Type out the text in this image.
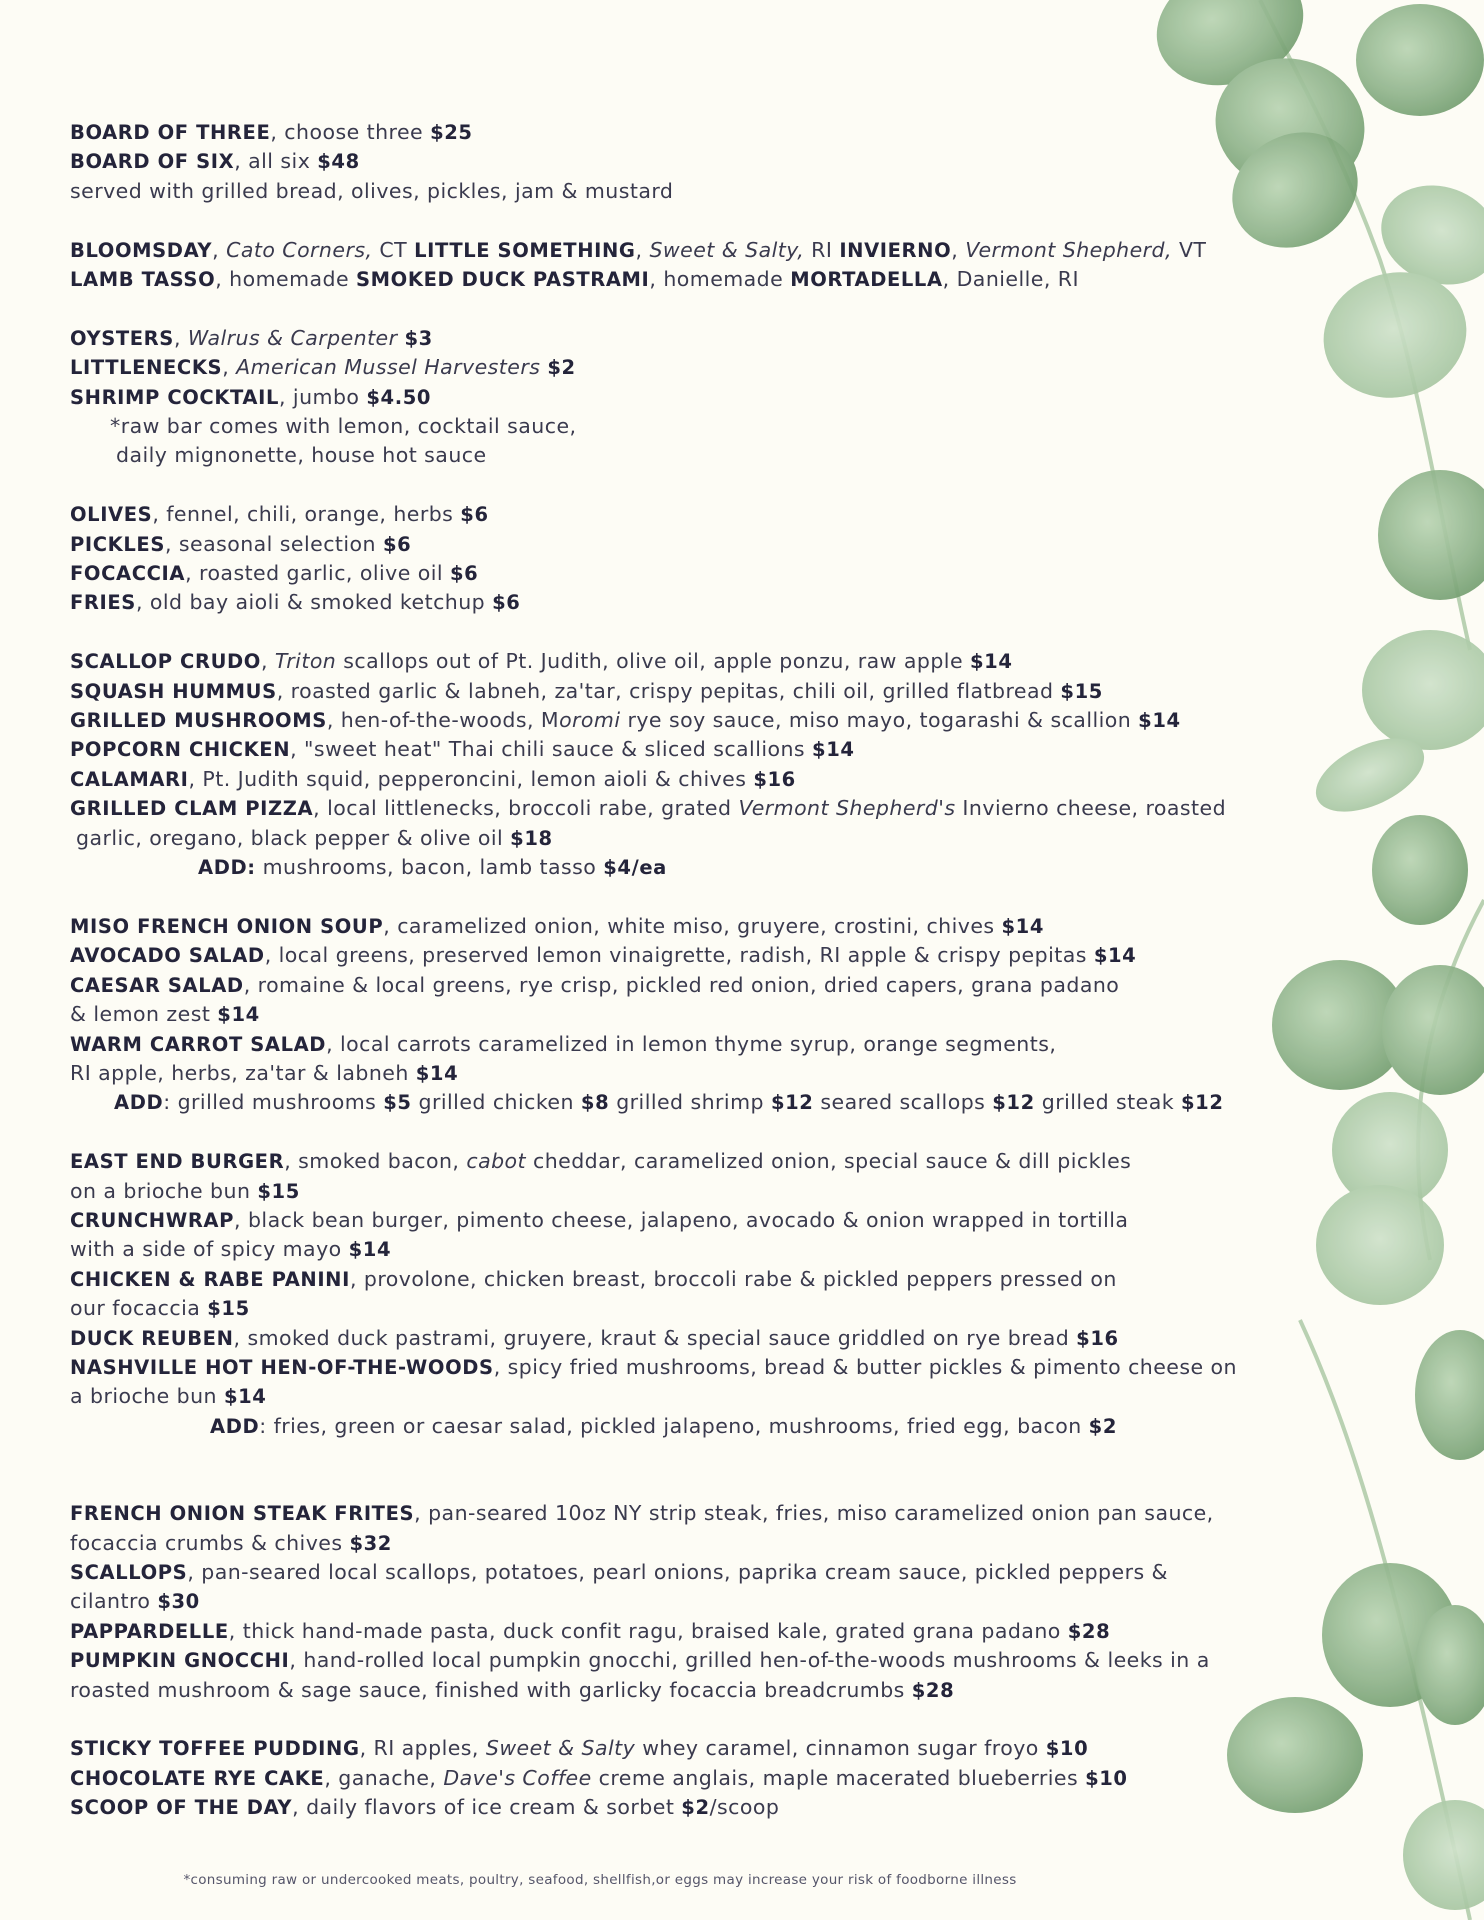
BOARD OF THREE, choose three $25
BOARD OF SIX, all six $48
served with grilled bread, olives, pickles, jam & mustard
BLOOMSDAY, Cato Corners, CT LITTLE SOMETHING, Sweet & Salty, RI INVIERNO, Vermont Shepherd, VT
LAMB TASSO, homemade SMOKED DUCK PASTRAMI, homemade MORTADELLA, Danielle, RI
OYSTERS, Walrus & Carpenter $3
LITTLENECKS, American Mussel Harvesters $2
SHRIMP COCKTAIL, jumbo $4.50
*raw bar comes with lemon, cocktail sauce,
daily mignonette, house hot sauce
OLIVES, fennel, chili, orange, herbs $6
PICKLES, seasonal selection $6
FOCACCIA, roasted garlic, olive oil $6
FRIES, old bay aioli & smoked ketchup $6
SCALLOP CRUDO, Triton scallops out of Pt. Judith, olive oil, apple ponzu, raw apple $14
SQUASH HUMMUS, roasted garlic & labneh, za'tar, crispy pepitas, chili oil, grilled flatbread $15
GRILLED MUSHROOMS, hen-of-the-woods, Moromi rye soy sauce, miso mayo, togarashi & scallion $14
POPCORN CHICKEN, "sweet heat" Thai chili sauce & sliced scallions $14
CALAMARI, Pt. Judith squid, pepperoncini, lemon aioli & chives $16
GRILLED CLAM PIZZA, local littlenecks, broccoli rabe, grated Vermont Shepherd's Invierno cheese, roasted
garlic, oregano, black pepper & olive oil $18
ADD: mushrooms, bacon, lamb tasso $4/ea
MISO FRENCH ONION SOUP, caramelized onion, white miso, gruyere, crostini, chives $14
AVOCADO SALAD, local greens, preserved lemon vinaigrette, radish, RI apple & crispy pepitas $14
CAESAR SALAD, romaine & local greens, rye crisp, pickled red onion, dried capers, grana padano
& lemon zest $14
WARM CARROT SALAD, local carrots caramelized in lemon thyme syrup, orange segments,
RI apple, herbs, za'tar & labneh $14
ADD: grilled mushrooms $5 grilled chicken $8 grilled shrimp $12 seared scallops $12 grilled steak $12
EAST END BURGER, smoked bacon, cabot cheddar, caramelized onion, special sauce & dill pickles
on a brioche bun $15
CRUNCHWRAP, black bean burger, pimento cheese, jalapeno, avocado & onion wrapped in tortilla
with a side of spicy mayo $14
CHICKEN & RABE PANINI, provolone, chicken breast, broccoli rabe & pickled peppers pressed on
our focaccia $15
DUCK REUBEN, smoked duck pastrami, gruyere, kraut & special sauce griddled on rye bread $16
NASHVILLE HOT HEN-OF-THE-WOODS, spicy fried mushrooms, bread & butter pickles & pimento cheese on
a brioche bun $14
ADD: fries, green or caesar salad, pickled jalapeno, mushrooms, fried egg, bacon $2
FRENCH ONION STEAK FRITES, pan-seared 10oz NY strip steak, fries, miso caramelized onion pan sauce,
focaccia crumbs & chives $32
SCALLOPS, pan-seared local scallops, potatoes, pearl onions, paprika cream sauce, pickled peppers &
cilantro $30
PAPPARDELLE, thick hand-made pasta, duck confit ragu, braised kale, grated grana padano $28
PUMPKIN GNOCCHI, hand-rolled local pumpkin gnocchi, grilled hen-of-the-woods mushrooms & leeks in a
roasted mushroom & sage sauce, finished with garlicky focaccia breadcrumbs $28
STICKY TOFFEE PUDDING, RI apples, Sweet & Salty whey caramel, cinnamon sugar froyo $10
CHOCOLATE RYE CAKE, ganache, Dave's Coffee creme anglais, maple macerated blueberries $10
SCOOP OF THE DAY, daily flavors of ice cream & sorbet $2/scoop
*consuming raw or undercooked meats, poultry, seafood, shellfish,or eggs may increase your risk of foodborne illness
